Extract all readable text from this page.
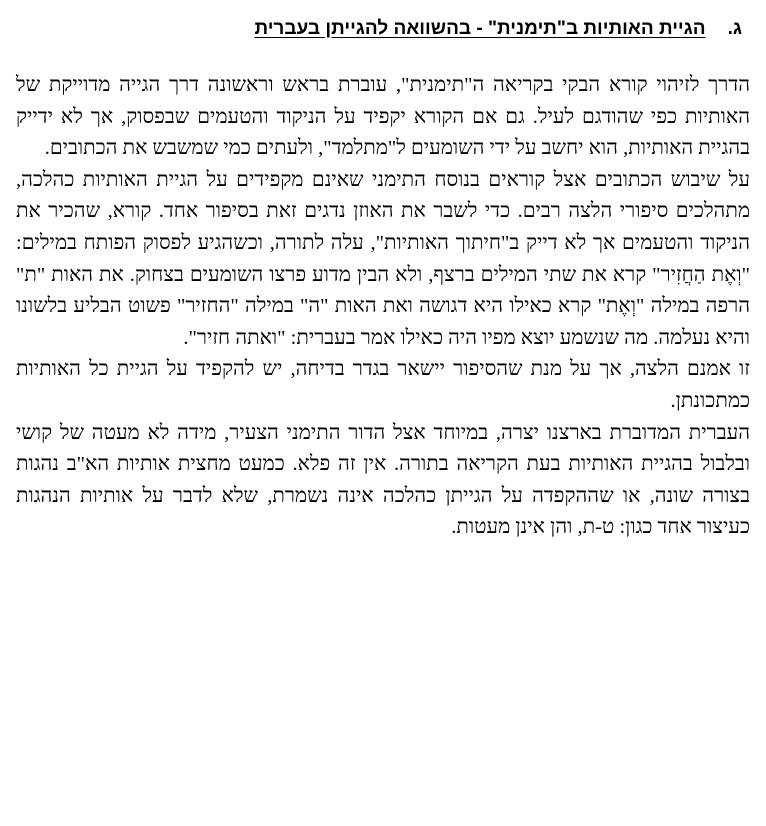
ג.
הגיית האותיות ב"תימנית" - בהשוואה להגייתן בעברית

הדרך לזיהוי קורא הבקי בקריאה ה"תימנית", עוברת בראש וראשונה דרך הגייה מדוייקת של האותיות כפי שהודגם לעיל. גם אם הקורא יקפיד על הניקוד והטעמים שבפסוק, אך לא ידייק בהגיית האותיות, הוא יחשב על ידי השומעים ל"מתלמד", ולעתים כמי שמשבש את הכתובים.

על שיבוש הכתובים אצל קוראים בנוסח התימני שאינם מקפידים על הגיית האותיות כהלכה, מתהלכים סיפורי הלצה רבים. כדי לשבר את האוזן נדגים זאת בסיפור אחד. קורא, שהכיר את הניקוד והטעמים אך לא דייק ב"חיתוך האותיות", עלה לתורה, וכשהגיע לפסוק הפותח במילים: "וְאֶת הַחֲזִיר" קרא את שתי המילים ברצף, ולא הבין מדוע פרצו השומעים בצחוק. את האות "ת" הרפה במילה "וְאֶת" קרא כאילו היא דגושה ואת האות "ה" במילה "החזיר" פשוט הבליע בלשונו והיא נעלמה. מה שנשמע יוצא מפיו היה כאילו אמר בעברית: "ואתה חזיר".

זו אמנם הלצה, אך על מנת שהסיפור יישאר בגדר בדיחה, יש להקפיד על הגיית כל האותיות כמתכונתן.

העברית המדוברת בארצנו יצרה, במיוחד אצל הדור התימני הצעיר, מידה לא מעטה של קושי ובלבול בהגיית האותיות בעת הקריאה בתורה. אין זה פלא. כמעט מחצית אותיות הא"ב נהגות בצורה שונה, או שההקפדה על הגייתן כהלכה אינה נשמרת, שלא לדבר על אותיות הנהגות כעיצור אחד כגון: ט-ת, והן אינן מעטות.
